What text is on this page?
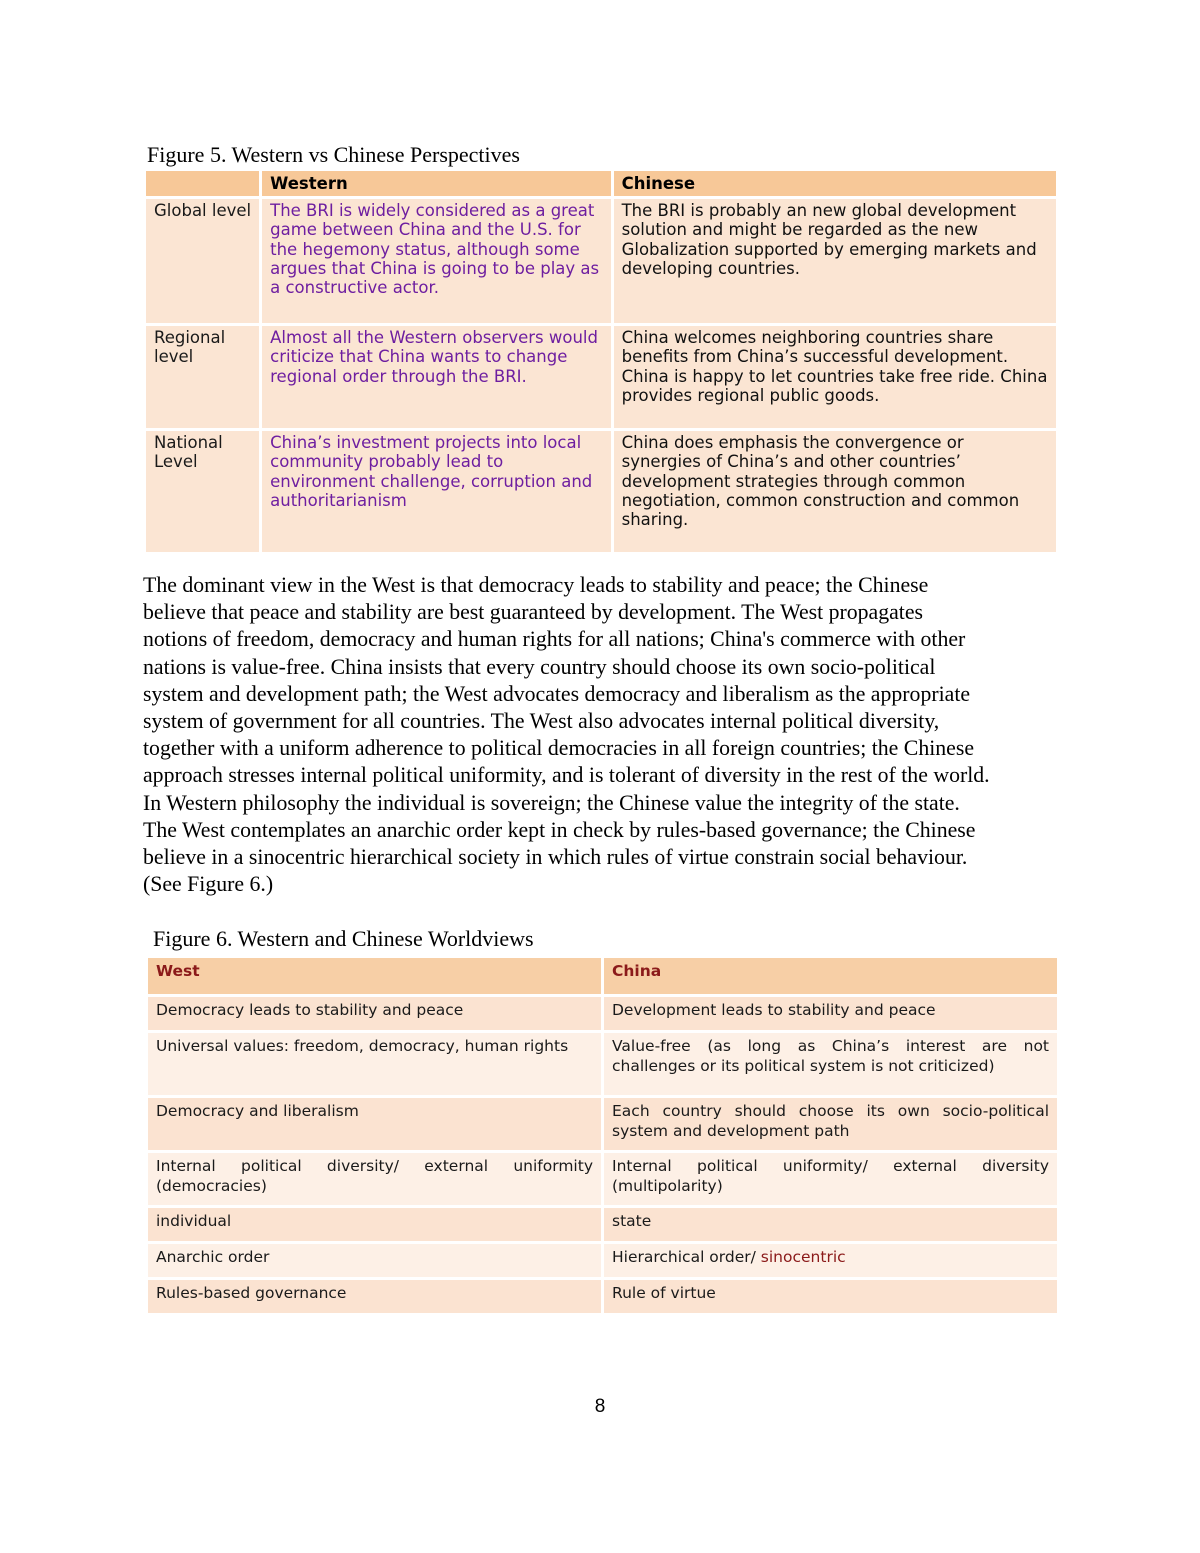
Figure 5. Western vs Chinese Perspectives
	Western	Chinese
Global level	The BRI is widely considered as a great game between China and the U.S. for the hegemony status, although some argues that China is going to be play as a constructive actor.	The BRI is probably an new global development solution and might be regarded as the new Globalization supported by emerging markets and developing countries.
Regional level	Almost all the Western observers would criticize that China wants to change regional order through the BRI.	China welcomes neighboring countries share benefits from China’s successful development. China is happy to let countries take free ride. China provides regional public goods.
National Level	China’s investment projects into local community probably lead to environment challenge, corruption and authoritarianism	China does emphasis the convergence or synergies of China’s and other countries’ development strategies through common negotiation, common construction and common sharing.
The dominant view in the West is that democracy leads to stability and peace; the Chinese
believe that peace and stability are best guaranteed by development. The West propagates
notions of freedom, democracy and human rights for all nations; China's commerce with other
nations is value-free. China insists that every country should choose its own socio-political
system and development path; the West advocates democracy and liberalism as the appropriate
system of government for all countries. The West also advocates internal political diversity,
together with a uniform adherence to political democracies in all foreign countries; the Chinese
approach stresses internal political uniformity, and is tolerant of diversity in the rest of the world.
In Western philosophy the individual is sovereign; the Chinese value the integrity of the state.
The West contemplates an anarchic order kept in check by rules-based governance; the Chinese
believe in a sinocentric hierarchical society in which rules of virtue constrain social behaviour.
(See Figure 6.)
Figure 6. Western and Chinese Worldviews
West	China
Democracy leads to stability and peace	Development leads to stability and peace
Universal values: freedom, democracy, human rights	Value-free (as long as China’s interest are not challenges or its political system is not criticized)
Democracy and liberalism	Each country should choose its own socio-political system and development path
Internal political diversity/ external uniformity (democracies)	Internal political uniformity/ external diversity (multipolarity)
individual	state
Anarchic order	Hierarchical order/ sinocentric
Rules-based governance	Rule of virtue
8
